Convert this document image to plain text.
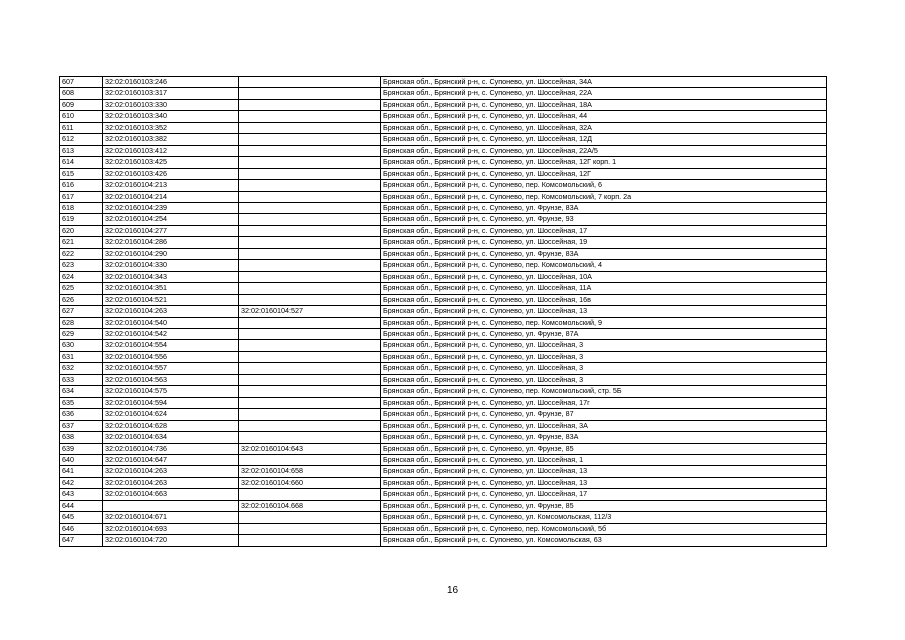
607	32:02:0160103:246		Брянская обл., Брянский р-н, с. Супонево, ул. Шоссейная, 34А
608	32:02:0160103:317		Брянская обл., Брянский р-н, с. Супонево, ул. Шоссейная, 22А
609	32:02:0160103:330		Брянская обл., Брянский р-н, с. Супонево, ул. Шоссейная, 18А
610	32:02:0160103:340		Брянская обл., Брянский р-н, с. Супонево, ул. Шоссейная, 44
611	32:02:0160103:352		Брянская обл., Брянский р-н, с. Супонево, ул. Шоссейная, 32А
612	32:02:0160103:382		Брянская обл., Брянский р-н, с. Супонево, ул. Шоссейная, 12Д
613	32:02:0160103:412		Брянская обл., Брянский р-н, с. Супонево, ул. Шоссейная, 22А/5
614	32:02:0160103:425		Брянская обл., Брянский р-н, с. Супонево, ул. Шоссейная, 12Г корп. 1
615	32:02:0160103:426		Брянская обл., Брянский р-н, с. Супонево, ул. Шоссейная, 12Г
616	32:02:0160104:213		Брянская обл., Брянский р-н, с. Супонево, пер. Комсомольский, 6
617	32:02:0160104:214		Брянская обл., Брянский р-н, с. Супонево, пер. Комсомольский, 7 корп. 2а
618	32:02:0160104:239		Брянская обл., Брянский р-н, с. Супонево, ул. Фрунзе, 83А
619	32:02:0160104:254		Брянская обл., Брянский р-н, с. Супонево, ул. Фрунзе, 93
620	32:02:0160104:277		Брянская обл., Брянский р-н, с. Супонево, ул. Шоссейная, 17
621	32:02:0160104:286		Брянская обл., Брянский р-н, с. Супонево, ул. Шоссейная, 19
622	32:02:0160104:290		Брянская обл., Брянский р-н, с. Супонево, ул. Фрунзе, 83А
623	32:02:0160104:330		Брянская обл., Брянский р-н, с. Супонево, пер. Комсомольский, 4
624	32:02:0160104:343		Брянская обл., Брянский р-н, с. Супонево, ул. Шоссейная, 10А
625	32:02:0160104:351		Брянская обл., Брянский р-н, с. Супонево, ул. Шоссейная, 11А
626	32:02:0160104:521		Брянская обл., Брянский р-н, с. Супонево, ул. Шоссейная, 16в
627	32:02:0160104:263	32:02:0160104:527	Брянская обл., Брянский р-н, с. Супонево, ул. Шоссейная, 13
628	32:02:0160104:540		Брянская обл., Брянский р-н, с. Супонево, пер. Комсомольский, 9
629	32:02:0160104:542		Брянская обл., Брянский р-н, с. Супонево, ул. Фрунзе, 87А
630	32:02:0160104:554		Брянская обл., Брянский р-н, с. Супонево, ул. Шоссейная, 3
631	32:02:0160104:556		Брянская обл., Брянский р-н, с. Супонево, ул. Шоссейная, 3
632	32:02:0160104:557		Брянская обл., Брянский р-н, с. Супонево, ул. Шоссейная, 3
633	32:02:0160104:563		Брянская обл., Брянский р-н, с. Супонево, ул. Шоссейная, 3
634	32:02:0160104:575		Брянская обл., Брянский р-н, с. Супонево, пер. Комсомольский, стр. 5Б
635	32:02:0160104:594		Брянская обл., Брянский р-н, с. Супонево, ул. Шоссейная, 17г
636	32:02:0160104:624		Брянская обл., Брянский р-н, с. Супонево, ул. Фрунзе, 87
637	32:02:0160104:628		Брянская обл., Брянский р-н, с. Супонево, ул. Шоссейная, 3А
638	32:02:0160104:634		Брянская обл., Брянский р-н, с. Супонево, ул. Фрунзе, 83А
639	32:02:0160104:736	32:02:0160104:643	Брянская обл., Брянский р-н, с. Супонево, ул. Фрунзе, 85
640	32:02:0160104:647		Брянская обл., Брянский р-н, с. Супонево, ул. Шоссейная, 1
641	32:02:0160104:263	32:02:0160104:658	Брянская обл., Брянский р-н, с. Супонево, ул. Шоссейная, 13
642	32:02:0160104:263	32:02:0160104:660	Брянская обл., Брянский р-н, с. Супонево, ул. Шоссейная, 13
643	32:02:0160104:663		Брянская обл., Брянский р-н, с. Супонево, ул. Шоссейная, 17
644		32:02:0160104.668	Брянская обл., Брянский р-н, с. Супонево, ул. Фрунзе, 85
645	32:02:0160104:671		Брянская обл., Брянский р-н, с. Супонево, ул. Комсомольская, 112/3
646	32:02:0160104:693		Брянская обл., Брянский р-н, с. Супонево, пер. Комсомольский, 5б
647	32:02:0160104:720		Брянская обл., Брянский р-н, с. Супонево, ул. Комсомольская, 63
16
